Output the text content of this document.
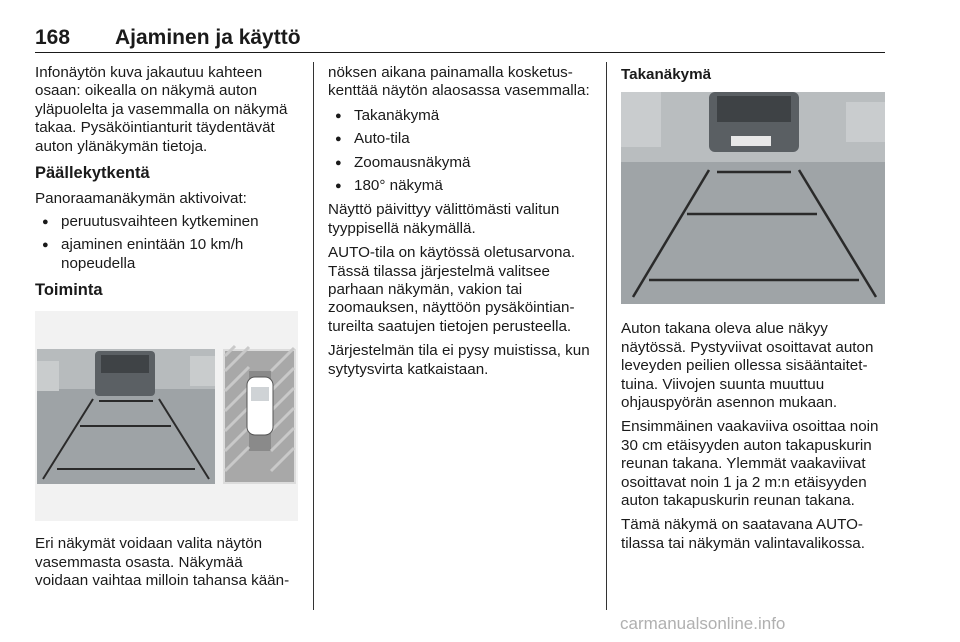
168 Ajaminen ja käyttö

Infonäytön kuva jakautuu kahteen osaan: oikealla on näkymä auton yläpuolelta ja vasemmalla on näkymä takaa. Pysäköintianturit täydentävät auton ylänäkymän tietoja.

Päällekytkentä

Panoraamanäkymän aktivoivat:

● peruutusvaihteen kytkeminen
● ajaminen enintään 10 km/h nopeudella
Toiminta

Eri näkymät voidaan valita näytön vasemmasta osasta. Näkymää voidaan vaihtaa milloin tahansa kään-

nöksen aikana painamalla kosketuskenttää näytön alaosassa vasemmalla:

● Takanäkymä
● Auto-tila
● Zoomausnäkymä
● 180° näkymä

Näyttö päivittyy välittömästi valitun tyyppisellä näkymällä.

AUTO-tila on käytössä oletusarvona. Tässä tilassa järjestelmä valitsee parhaan näkymän, vakion tai zoomauksen, näyttöön pysäköintiantureilta saatujen tietojen perusteella.

Järjestelmän tila ei pysy muistissa, kun sytytysvirta katkaistaan.

Takanäkymä

Auton takana oleva alue näkyy näytössä. Pystyviivat osoittavat auton leveyden peilien ollessa sisääntaitettuina. Viivojen suunta muuttuu ohjauspyörän asennon mukaan.

Ensimmäinen vaakaviiva osoittaa noin 30 cm etäisyyden auton takapuskurin reunan takana. Ylemmät vaakaviivat osoittavat noin 1 ja 2 m:n etäisyyden auton takapuskurin reunan takana.

Tämä näkymä on saatavana AUTO-tilassa tai näkymän valintavalikossa.

carmanualsonline.info
